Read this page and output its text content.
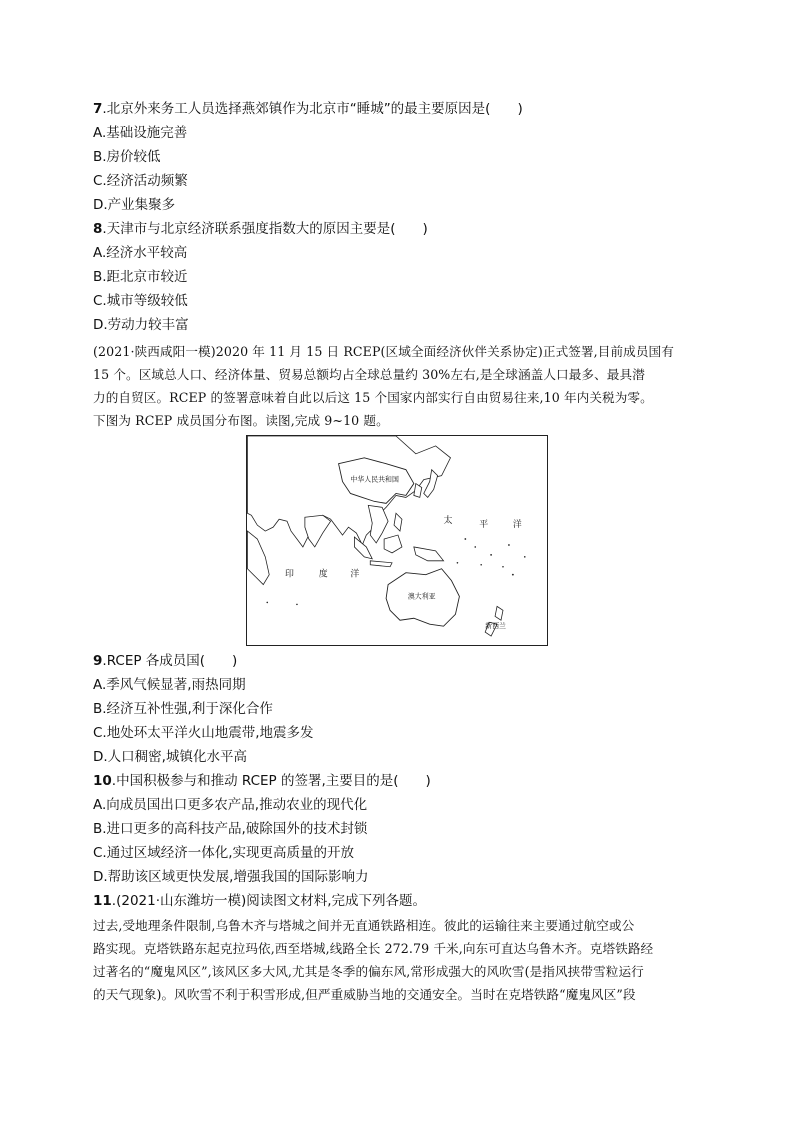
7.北京外来务工人员选择燕郊镇作为北京市“睡城”的最主要原因是(　　)
A.基础设施完善
B.房价较低
C.经济活动频繁
D.产业集聚多
8.天津市与北京经济联系强度指数大的原因主要是(　　)
A.经济水平较高
B.距北京市较近
C.城市等级较低
D.劳动力较丰富
(2021·陕西咸阳一模)2020 年 11 月 15 日 RCEP(区域全面经济伙伴关系协定)正式签署,目前成员国有
15 个。区域总人口、经济体量、贸易总额均占全球总量约 30%左右,是全球涵盖人口最多、最具潜
力的自贸区。RCEP 的签署意味着自此以后这 15 个国家内部实行自由贸易往来,10 年内关税为零。
下图为 RCEP 成员国分布图。读图,完成 9~10 题。
中华人民共和国
太	平	洋
印	度	洋
澳大利亚
新西兰
9.RCEP 各成员国(　　)
A.季风气候显著,雨热同期
B.经济互补性强,利于深化合作
C.地处环太平洋火山地震带,地震多发
D.人口稠密,城镇化水平高
10.中国积极参与和推动 RCEP 的签署,主要目的是(　　)
A.向成员国出口更多农产品,推动农业的现代化
B.进口更多的高科技产品,破除国外的技术封锁
C.通过区域经济一体化,实现更高质量的开放
D.帮助该区域更快发展,增强我国的国际影响力
11.(2021·山东潍坊一模)阅读图文材料,完成下列各题。
过去,受地理条件限制,乌鲁木齐与塔城之间并无直通铁路相连。彼此的运输往来主要通过航空或公
路实现。克塔铁路东起克拉玛依,西至塔城,线路全长 272.79 千米,向东可直达乌鲁木齐。克塔铁路经
过著名的“魔鬼风区”,该风区多大风,尤其是冬季的偏东风,常形成强大的风吹雪(是指风挟带雪粒运行
的天气现象)。风吹雪不利于积雪形成,但严重威胁当地的交通安全。当时在克塔铁路“魔鬼风区”段
